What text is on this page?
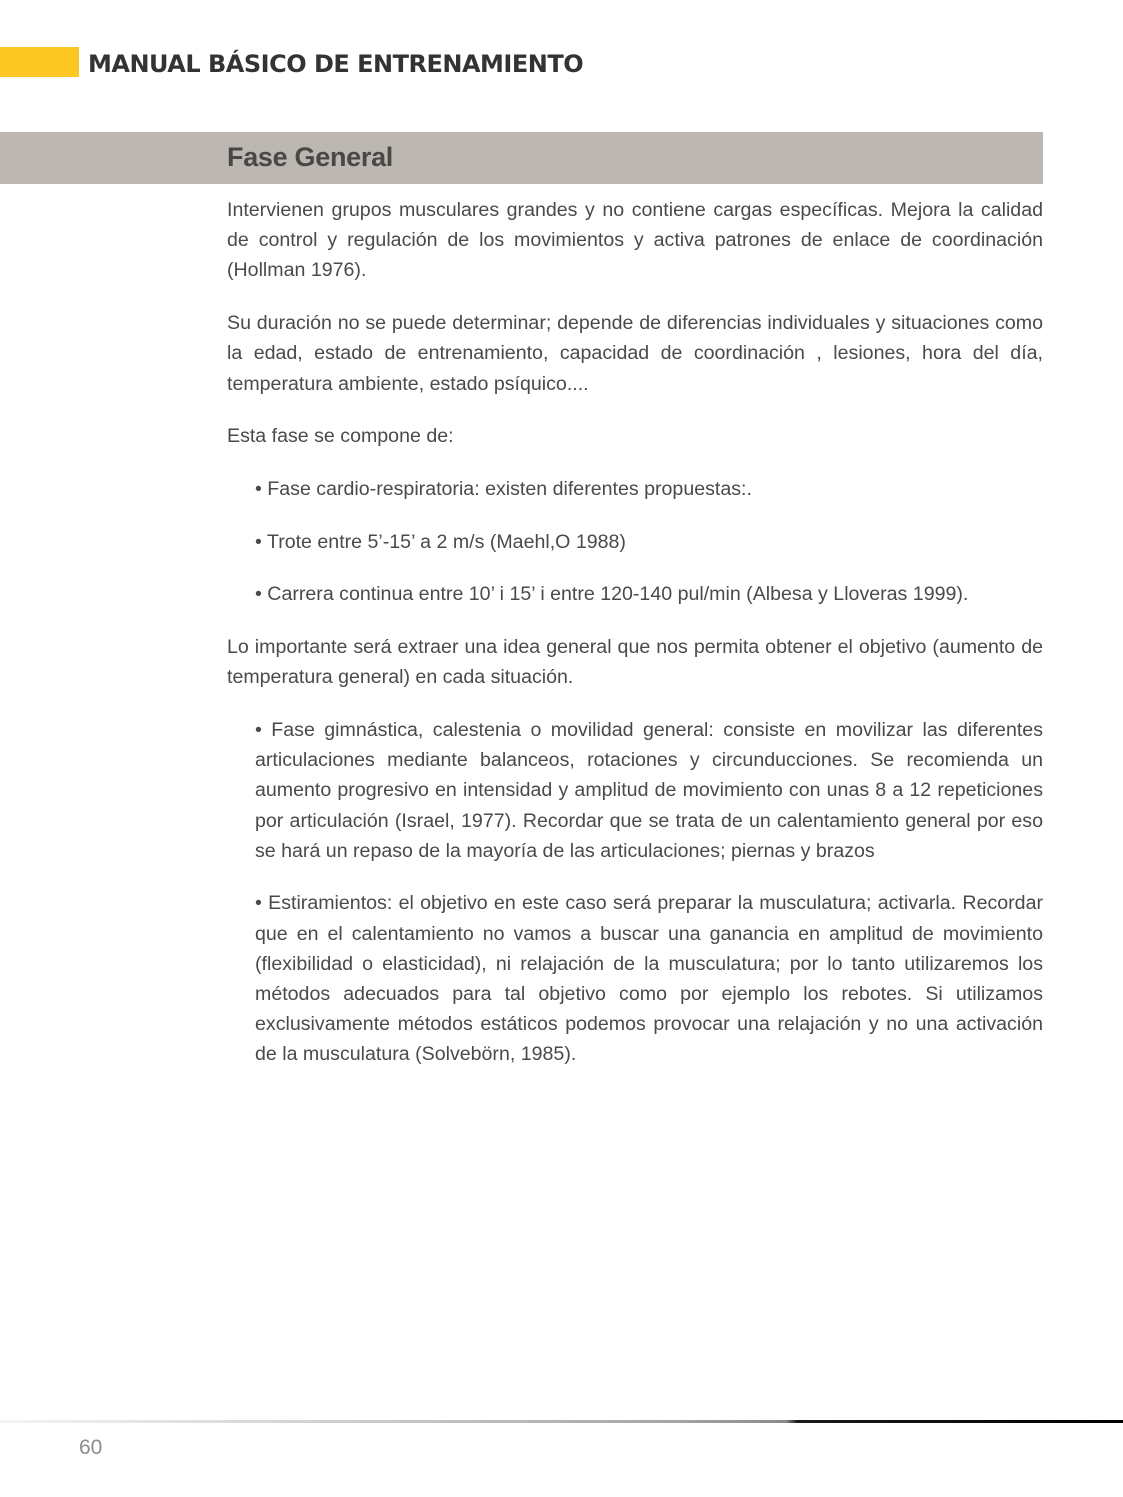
MANUAL BÁSICO DE ENTRENAMIENTO
Fase General

Intervienen grupos musculares grandes y no contiene cargas específicas. Mejora la calidad de control y regulación de los movimientos y activa patrones de enlace de coordinación (Hollman 1976).

Su duración no se puede determinar; depende de diferencias individuales y situaciones como la edad, estado de entrenamiento, capacidad de coordinación , lesiones, hora del día, temperatura ambiente, estado psíquico....

Esta fase se compone de:

• Fase cardio-respiratoria: existen diferentes propuestas:.

• Trote entre 5’-15’ a 2 m/s (Maehl,O 1988)

• Carrera continua entre 10’ i 15’ i entre 120-140 pul/min (Albesa y Lloveras 1999).

Lo importante será extraer una idea general que nos permita obtener el objetivo (aumento de temperatura general) en cada situación.

• Fase gimnástica, calestenia o movilidad general: consiste en movilizar las diferentes articulaciones mediante balanceos, rotaciones y circunducciones. Se recomienda un aumento progresivo en intensidad y amplitud de movimiento con unas 8 a 12 repeticiones por articulación (Israel, 1977). Recordar que se trata de un calentamiento general por eso se hará un repaso de la mayoría de las articulaciones; piernas y brazos

• Estiramientos: el objetivo en este caso será preparar la musculatura; activarla. Recordar que en el calentamiento no vamos a buscar una ganancia en amplitud de movimiento (flexibilidad o elasticidad), ni relajación de la musculatura; por lo tanto utilizaremos los métodos adecuados para tal objetivo como por ejemplo los rebotes. Si utilizamos exclusivamente métodos estáticos podemos provocar una relajación y no una activación de la musculatura (Solvebörn, 1985).

60
